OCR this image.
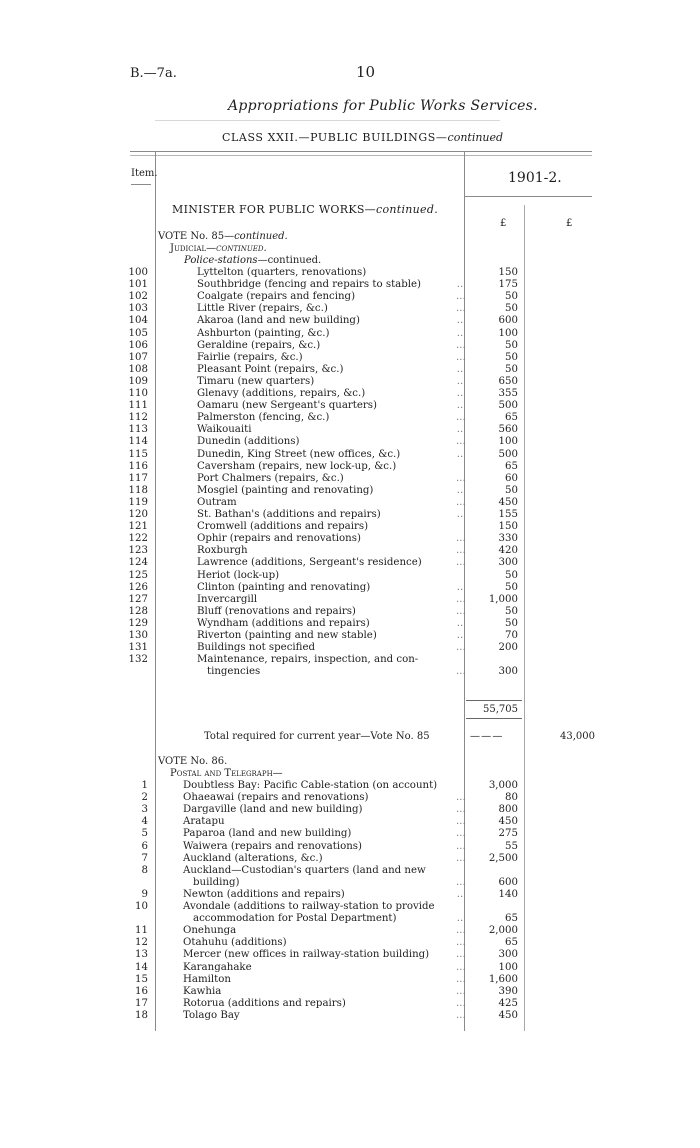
B.—7a.	10
Appropriations for Public Works Services.
CLASS XXII.—PUBLIC BUILDINGS—continued
Item.	1901-2.
MINISTER FOR PUBLIC WORKS—continued.
£	£
VOTE No. 85—continued.
Judicial—continued.
Police-stations—continued.
100	Lyttelton (quarters, renovations)	150
101	Southbridge (fencing and repairs to stable)	..	175
102	Coalgate (repairs and fencing)	...	50
103	Little River (repairs, &c.)	...	50
104	Akaroa (land and new building)	..	600
105	Ashburton (painting, &c.)	..	100
106	Geraldine (repairs, &c.)	...	50
107	Fairlie (repairs, &c.)	...	50
108	Pleasant Point (repairs, &c.)	..	50
109	Timaru (new quarters)	..	650
110	Glenavy (additions, repairs, &c.)	..	355
111	Oamaru (new Sergeant's quarters)	..	500
112	Palmerston (fencing, &c.)	...	65
113	Waikouaiti	..	560
114	Dunedin (additions)	...	100
115	Dunedin, King Street (new offices, &c.)	..	500
116	Caversham (repairs, new lock-up, &c.)	65
117	Port Chalmers (repairs, &c.)	...	60
118	Mosgiel (painting and renovating)	..	50
119	Outram	...	450
120	St. Bathan's (additions and repairs)	..	155
121	Cromwell (additions and repairs)	150
122	Ophir (repairs and renovations)	...	330
123	Roxburgh	...	420
124	Lawrence (additions, Sergeant's residence)	...	300
125	Heriot (lock-up)	50
126	Clinton (painting and renovating)	..	50
127	Invercargill	...	1,000
128	Bluff (renovations and repairs)	...	50
129	Wyndham (additions and repairs)	..	50
130	Riverton (painting and new stable)	..	70
131	Buildings not specified	...	200
132	Maintenance, repairs, inspection, and con-
tingencies	...	300
55,705
Total required for current year—Vote No. 85	— — —	43,000
VOTE No. 86.
Postal and Telegraph—
1	Doubtless Bay: Pacific Cable-station (on account)	3,000
2	Ohaeawai (repairs and renovations)	...	80
3	Dargaville (land and new building)	...	800
4	Aratapu	...	450
5	Paparoa (land and new building)	...	275
6	Waiwera (repairs and renovations)	...	55
7	Auckland (alterations, &c.)	...	2,500
8	Auckland—Custodian's quarters (land and new
building)	...	600
9	Newton (additions and repairs)	..	140
10	Avondale (additions to railway-station to provide
accommodation for Postal Department)	..	65
11	Onehunga	...	2,000
12	Otahuhu (additions)	...	65
13	Mercer (new offices in railway-station building)	...	300
14	Karangahake	...	100
15	Hamilton	...	1,600
16	Kawhia	...	390
17	Rotorua (additions and repairs)	...	425
18	Tolago Bay	...	450
